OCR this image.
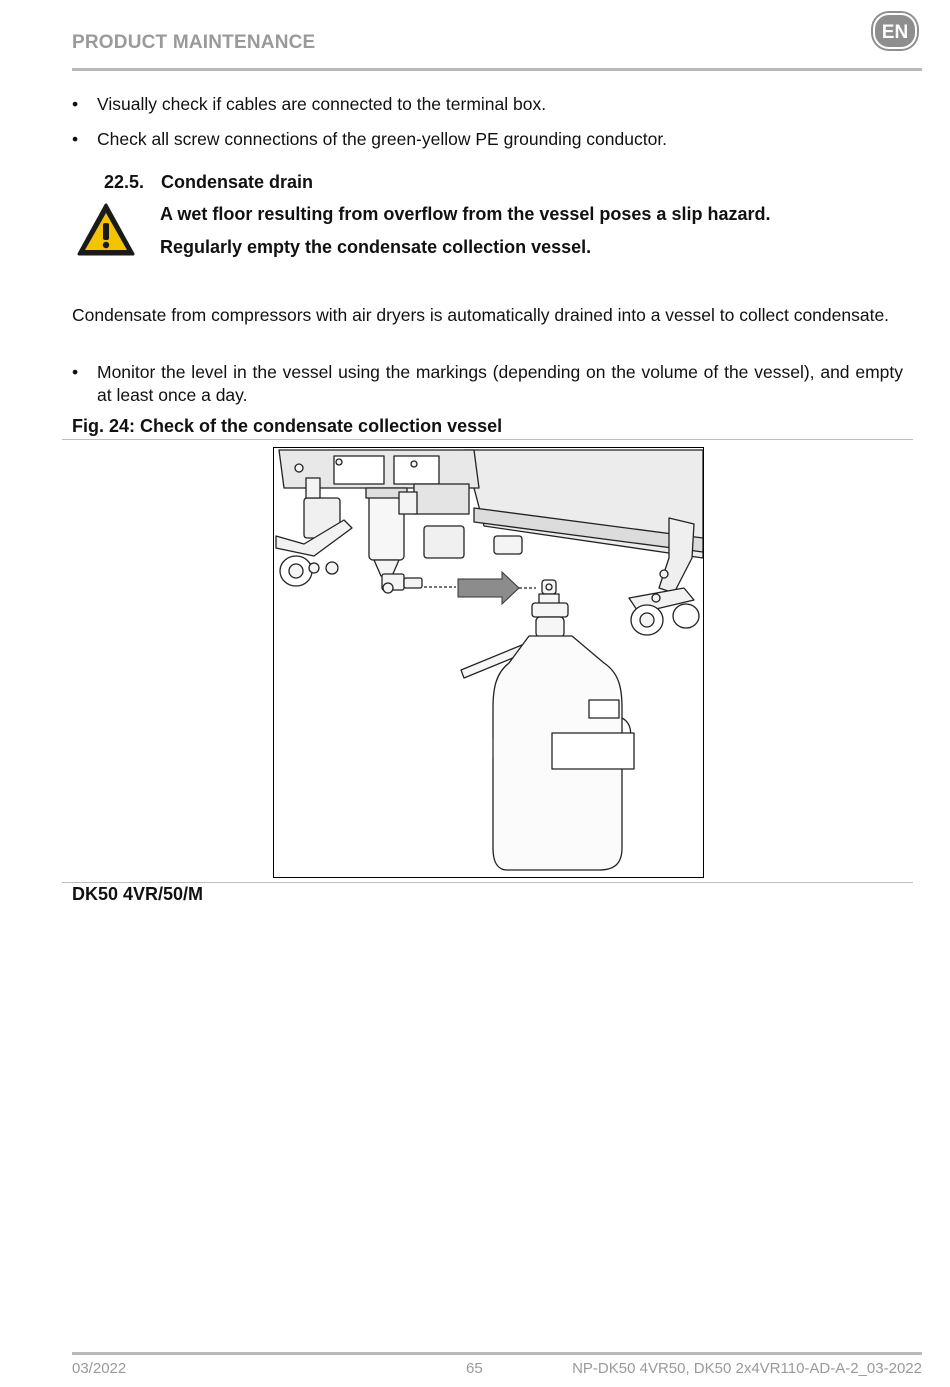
PRODUCT MAINTENANCE	EN
• Visually check if cables are connected to the terminal box.
• Check all screw connections of the green-yellow PE grounding conductor.
22.5. Condensate drain
A wet floor resulting from overflow from the vessel poses a slip hazard.
Regularly empty the condensate collection vessel.
Condensate from compressors with air dryers is automatically drained into a vessel to collect condensate.
• Monitor the level in the vessel using the markings (depending on the volume of the vessel), and empty at least once a day.
Fig. 24: Check of the condensate collection vessel
DK50 4VR/50/M
03/2022	65	NP-DK50 4VR50, DK50 2x4VR110-AD-A-2_03-2022
